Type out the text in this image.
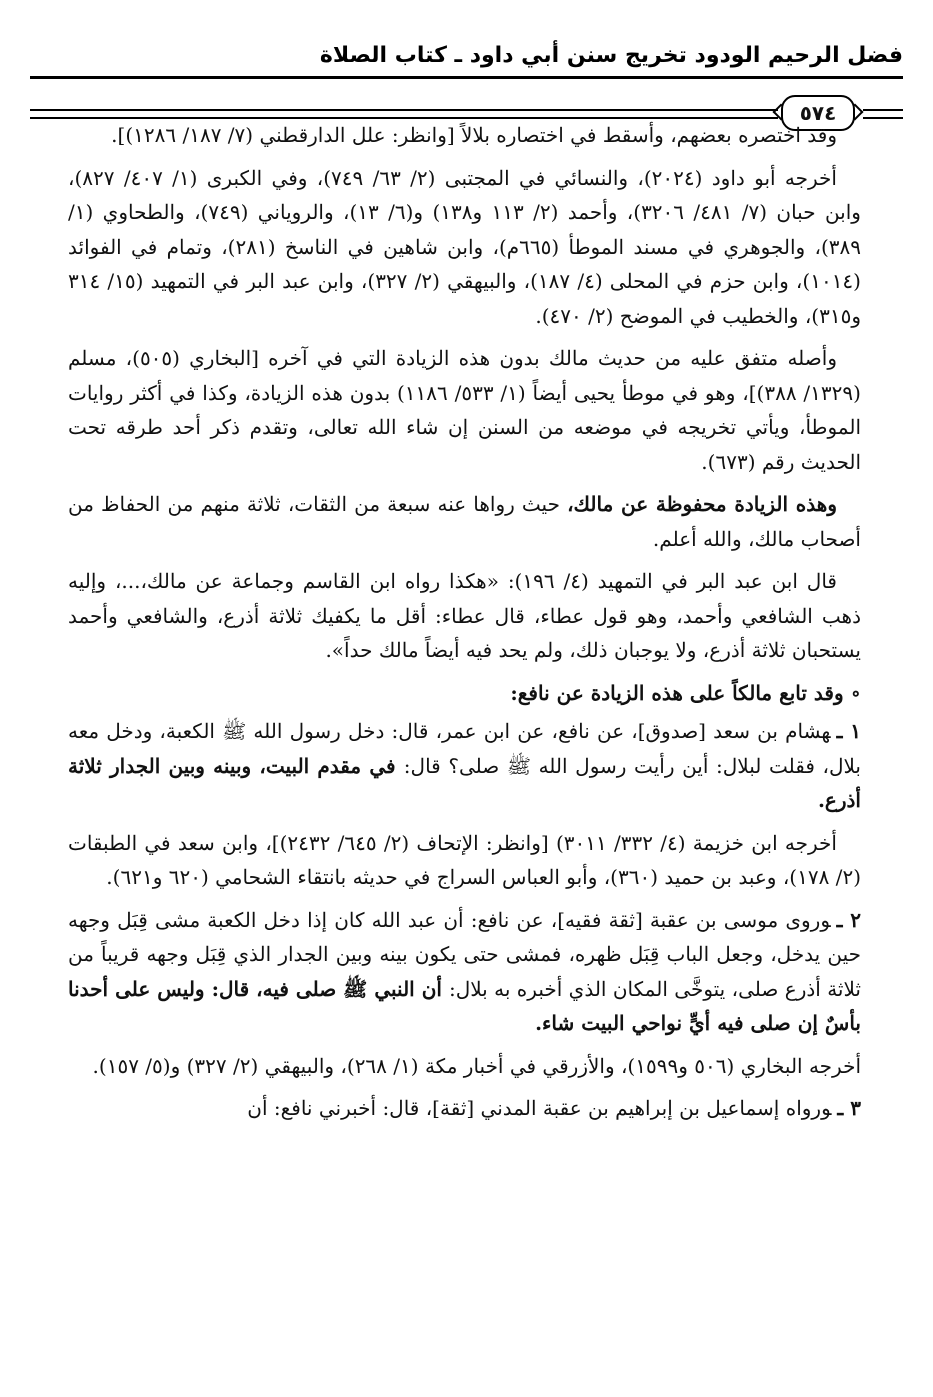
فضل الرحيم الودود تخريج سنن أبي داود ـ كتاب الصلاة
٥٧٤

وقد اختصره بعضهم، وأسقط في اختصاره بلالاً [وانظر: علل الدارقطني (٧/ ١٨٧/ ١٢٨٦)].

أخرجه أبو داود (٢٠٢٤)، والنسائي في المجتبى (٢/ ٦٣/ ٧٤٩)، وفي الكبرى (١/ ٤٠٧/ ٨٢٧)، وابن حبان (٧/ ٤٨١/ ٣٢٠٦)، وأحمد (٢/ ١١٣ و١٣٨) و(٦/ ١٣)، والروياني (٧٤٩)، والطحاوي (١/ ٣٨٩)، والجوهري في مسند الموطأ (٦٦٥م)، وابن شاهين في الناسخ (٢٨١)، وتمام في الفوائد (١٠١٤)، وابن حزم في المحلى (٤/ ١٨٧)، والبيهقي (٢/ ٣٢٧)، وابن عبد البر في التمهيد (١٥/ ٣١٤ و٣١٥)، والخطيب في الموضح (٢/ ٤٧٠).

وأصله متفق عليه من حديث مالك بدون هذه الزيادة التي في آخره [البخاري (٥٠٥)، مسلم (١٣٢٩/ ٣٨٨)]، وهو في موطأ يحيى أيضاً (١/ ٥٣٣/ ١١٨٦) بدون هذه الزيادة، وكذا في أكثر روايات الموطأ، ويأتي تخريجه في موضعه من السنن إن شاء الله تعالى، وتقدم ذكر أحد طرقه تحت الحديث رقم (٦٧٣).

وهذه الزيادة محفوظة عن مالك، حيث رواها عنه سبعة من الثقات، ثلاثة منهم من الحفاظ من أصحاب مالك، والله أعلم.

قال ابن عبد البر في التمهيد (٤/ ١٩٦): «هكذا رواه ابن القاسم وجماعة عن مالك،...، وإليه ذهب الشافعي وأحمد، وهو قول عطاء، قال عطاء: أقل ما يكفيك ثلاثة أذرع، والشافعي وأحمد يستحبان ثلاثة أذرع، ولا يوجبان ذلك، ولم يحد فيه أيضاً مالك حداً».

∘ وقد تابع مالكاً على هذه الزيادة عن نافع:

١ ـهشام بن سعد [صدوق]، عن نافع، عن ابن عمر، قال: دخل رسول الله ﷺ الكعبة، ودخل معه بلال، فقلت لبلال: أين رأيت رسول الله ﷺ صلى؟ قال: في مقدم البيت، وبينه وبين الجدار ثلاثة أذرع.

أخرجه ابن خزيمة (٤/ ٣٣٢/ ٣٠١١) [وانظر: الإتحاف (٢/ ٦٤٥/ ٢٤٣٢)]، وابن سعد في الطبقات (٢/ ١٧٨)، وعبد بن حميد (٣٦٠)، وأبو العباس السراج في حديثه بانتقاء الشحامي (٦٢٠ و٦٢١).

٢ ـوروى موسى بن عقبة [ثقة فقيه]، عن نافع: أن عبد الله كان إذا دخل الكعبة مشى قِبَل وجهه حين يدخل، وجعل الباب قِبَل ظهره، فمشى حتى يكون بينه وبين الجدار الذي قِبَل وجهه قريباً من ثلاثة أذرع صلى، يتوخَّى المكان الذي أخبره به بلال: أن النبي ﷺ صلى فيه، قال: وليس على أحدنا بأسٌ إن صلى فيه أيٍّ نواحي البيت شاء.

أخرجه البخاري (٥٠٦ و١٥٩٩)، والأزرقي في أخبار مكة (١/ ٢٦٨)، والبيهقي (٢/ ٣٢٧) و(٥/ ١٥٧).

٣ ـورواه إسماعيل بن إبراهيم بن عقبة المدني [ثقة]، قال: أخبرني نافع: أن
